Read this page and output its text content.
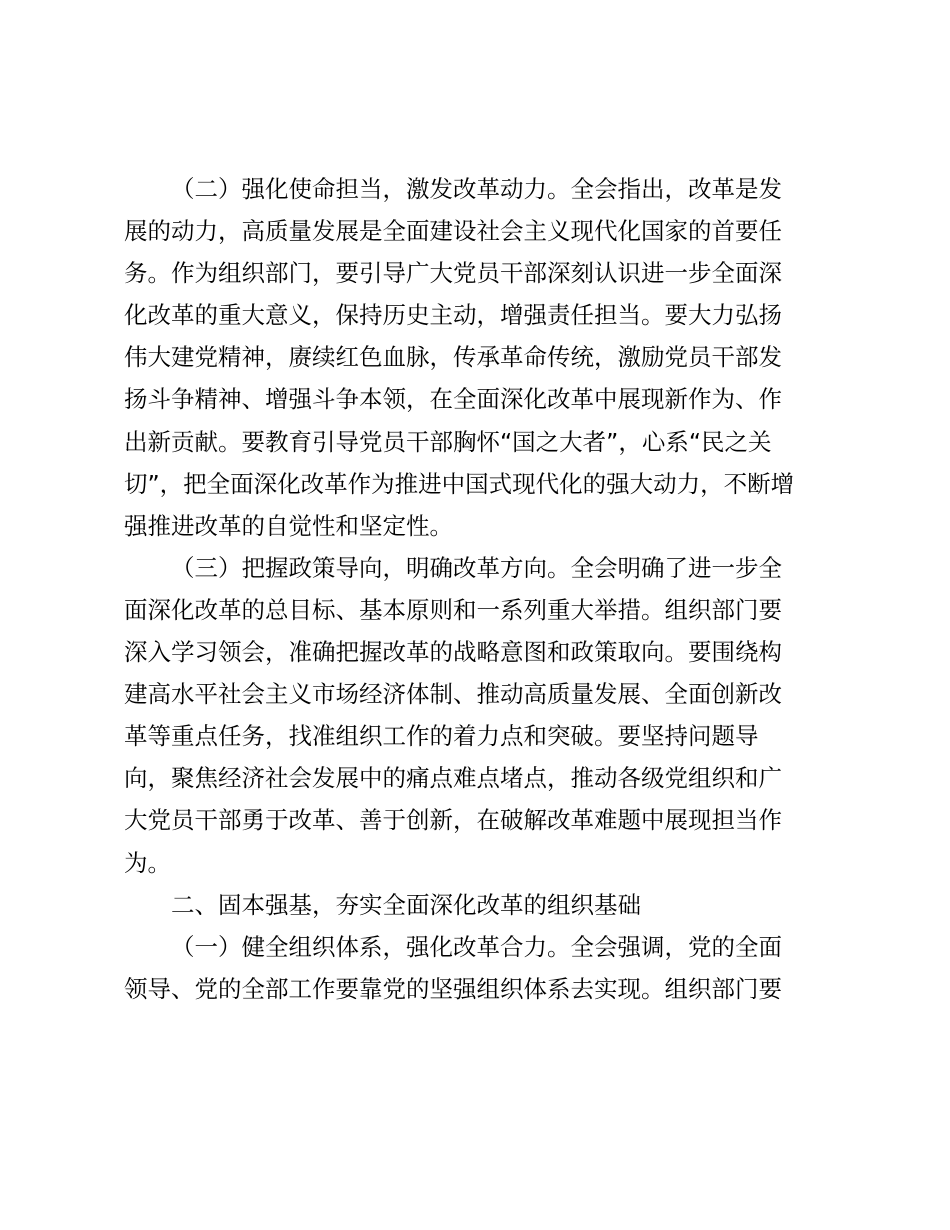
（二）强化使命担当，激发改革动力。全会指出，改革是发
展的动力，高质量发展是全面建设社会主义现代化国家的首要任
务。作为组织部门，要引导广大党员干部深刻认识进一步全面深
化改革的重大意义，保持历史主动，增强责任担当。要大力弘扬
伟大建党精神，赓续红色血脉，传承革命传统，激励党员干部发
扬斗争精神、增强斗争本领，在全面深化改革中展现新作为、作
出新贡献。要教育引导党员干部胸怀“国之大者”，心系“民之关
切”，把全面深化改革作为推进中国式现代化的强大动力，不断增
强推进改革的自觉性和坚定性。

（三）把握政策导向，明确改革方向。全会明确了进一步全
面深化改革的总目标、基本原则和一系列重大举措。组织部门要
深入学习领会，准确把握改革的战略意图和政策取向。要围绕构
建高水平社会主义市场经济体制、推动高质量发展、全面创新改
革等重点任务，找准组织工作的着力点和突破。要坚持问题导
向，聚焦经济社会发展中的痛点难点堵点，推动各级党组织和广
大党员干部勇于改革、善于创新，在破解改革难题中展现担当作
为。

二、固本强基，夯实全面深化改革的组织基础

（一）健全组织体系，强化改革合力。全会强调，党的全面
领导、党的全部工作要靠党的坚强组织体系去实现。组织部门要
